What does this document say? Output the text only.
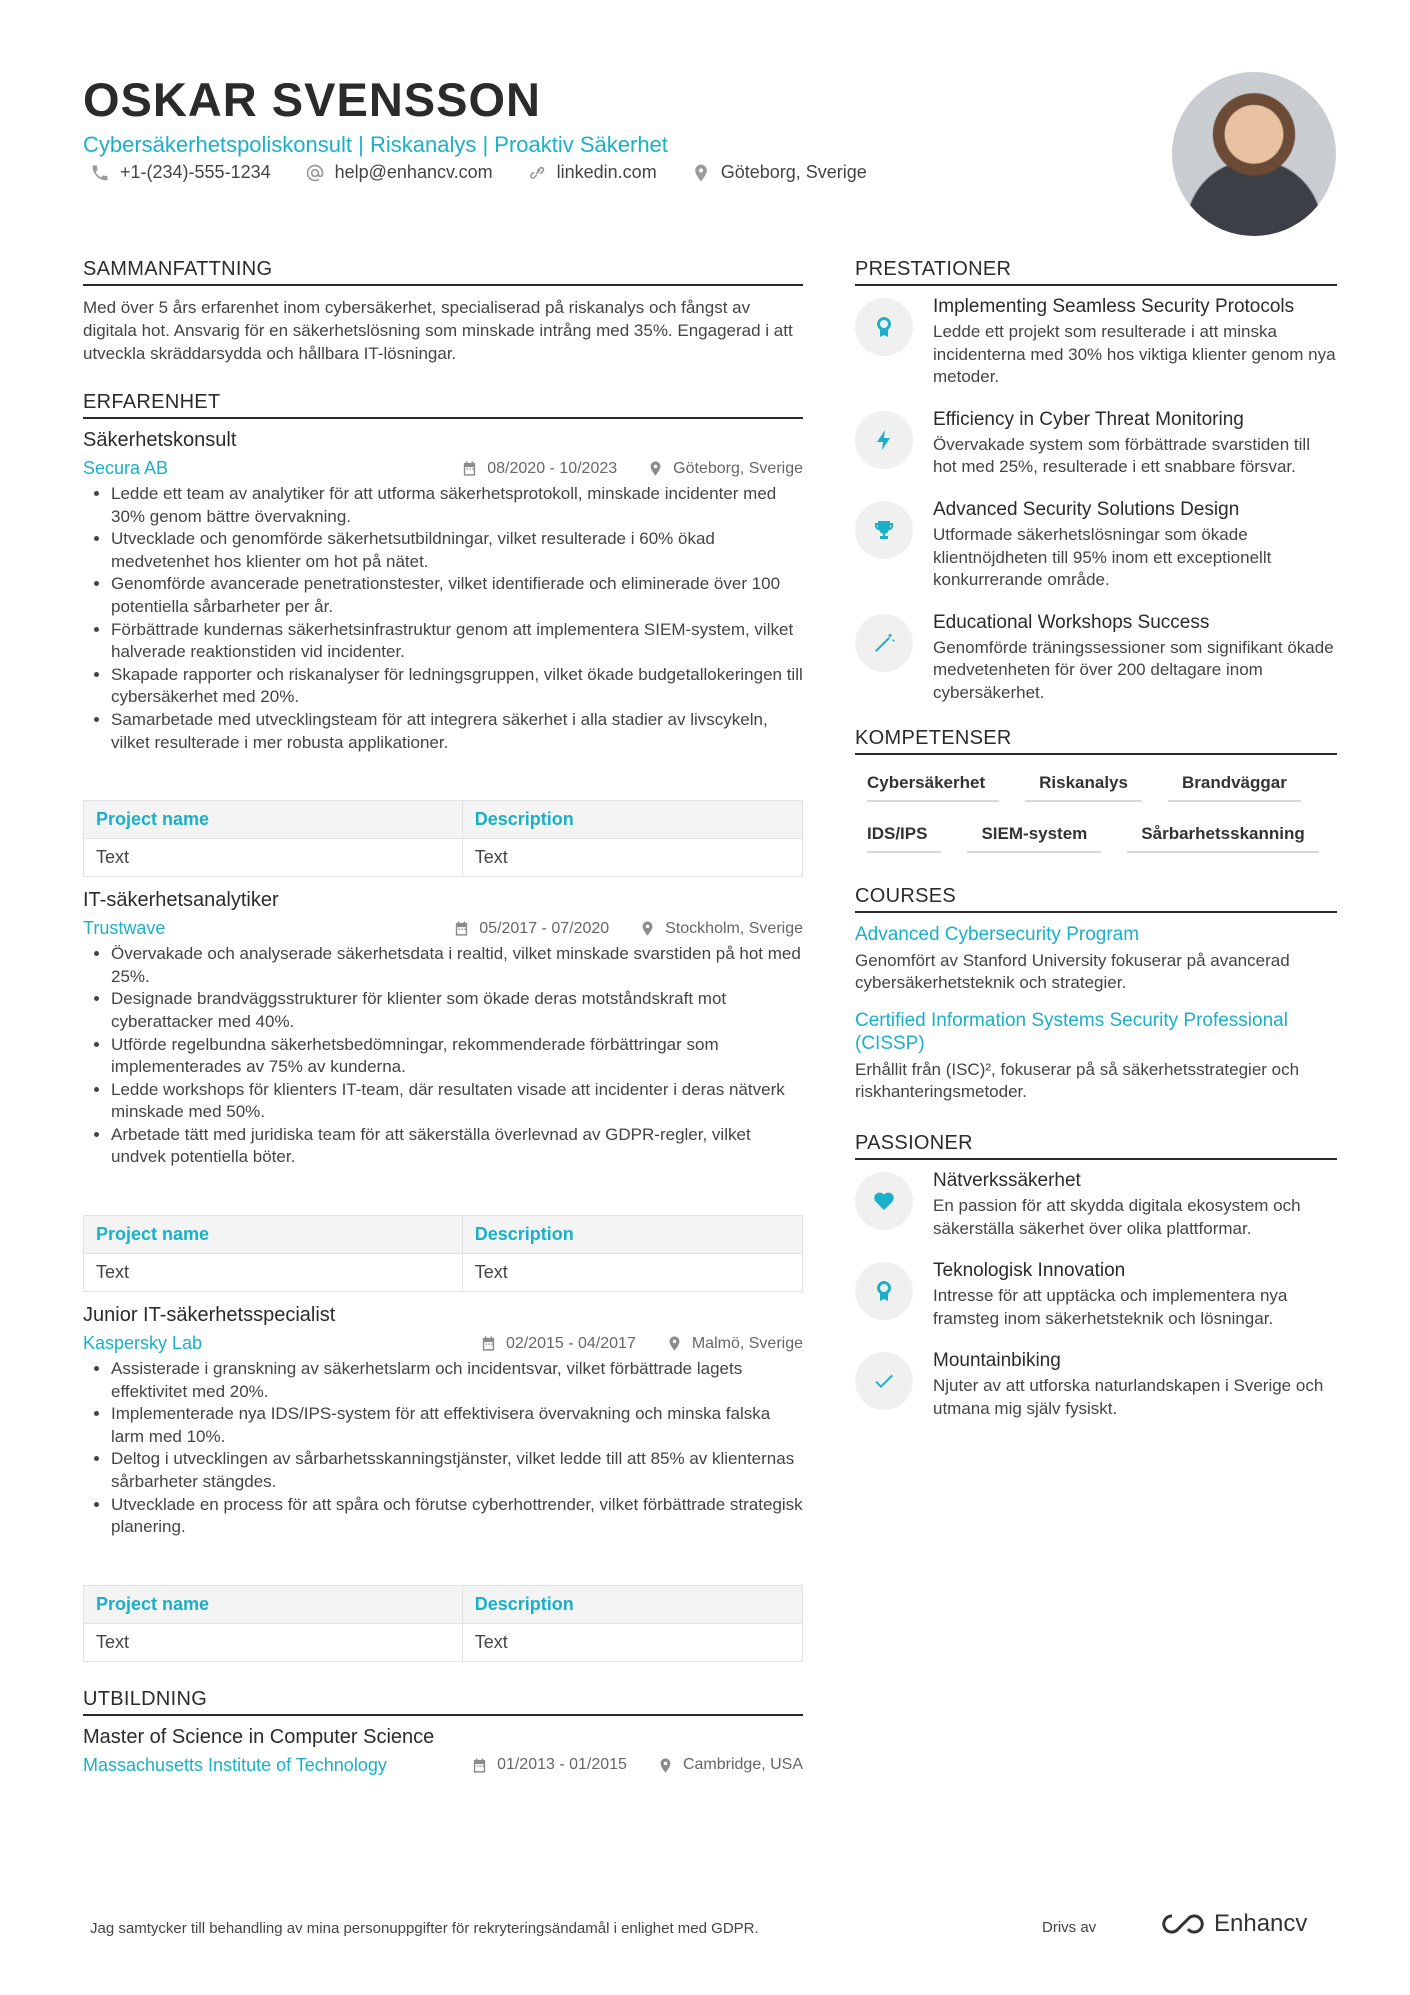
OSKAR SVENSSON
Cybersäkerhetspoliskonsult | Riskanalys | Proaktiv Säkerhet
+1-(234)-555-1234	help@enhancv.com	linkedin.com	Göteborg, Sverige
SAMMANFATTNING

Med över 5 års erfarenhet inom cybersäkerhet, specialiserad på riskanalys och fångst av digitala hot. Ansvarig för en säkerhetslösning som minskade intrång med 35%. Engagerad i att utveckla skräddarsydda och hållbara IT-lösningar.

ERFARENHET
Säkerhetskonsult
Secura AB	08/2020 - 10/2023	Göteborg, Sverige
• Ledde ett team av analytiker för att utforma säkerhetsprotokoll, minskade incidenter med 30% genom bättre övervakning.
• Utvecklade och genomförde säkerhetsutbildningar, vilket resulterade i 60% ökad medvetenhet hos klienter om hot på nätet.
• Genomförde avancerade penetrationstester, vilket identifierade och eliminerade över 100 potentiella sårbarheter per år.
• Förbättrade kundernas säkerhetsinfrastruktur genom att implementera SIEM-system, vilket halverade reaktionstiden vid incidenter.
• Skapade rapporter och riskanalyser för ledningsgruppen, vilket ökade budgetallokeringen till cybersäkerhet med 20%.
• Samarbetade med utvecklingsteam för att integrera säkerhet i alla stadier av livscykeln, vilket resulterade i mer robusta applikationer.
Project name	Description
Text	Text
IT-säkerhetsanalytiker
Trustwave	05/2017 - 07/2020	Stockholm, Sverige
• Övervakade och analyserade säkerhetsdata i realtid, vilket minskade svarstiden på hot med 25%.
• Designade brandväggsstrukturer för klienter som ökade deras motståndskraft mot cyberattacker med 40%.
• Utförde regelbundna säkerhetsbedömningar, rekommenderade förbättringar som implementerades av 75% av kunderna.
• Ledde workshops för klienters IT-team, där resultaten visade att incidenter i deras nätverk minskade med 50%.
• Arbetade tätt med juridiska team för att säkerställa överlevnad av GDPR-regler, vilket undvek potentiella böter.
Project name	Description
Text	Text
Junior IT-säkerhetsspecialist
Kaspersky Lab	02/2015 - 04/2017	Malmö, Sverige
• Assisterade i granskning av säkerhetslarm och incidentsvar, vilket förbättrade lagets effektivitet med 20%.
• Implementerade nya IDS/IPS-system för att effektivisera övervakning och minska falska larm med 10%.
• Deltog i utvecklingen av sårbarhetsskanningstjänster, vilket ledde till att 85% av klienternas sårbarheter stängdes.
• Utvecklade en process för att spåra och förutse cyberhottrender, vilket förbättrade strategisk planering.
Project name	Description
Text	Text
UTBILDNING
Master of Science in Computer Science
Massachusetts Institute of Technology	01/2013 - 01/2015	Cambridge, USA
PRESTATIONER
Implementing Seamless Security Protocols

Ledde ett projekt som resulterade i att minska incidenterna med 30% hos viktiga klienter genom nya metoder.

Efficiency in Cyber Threat Monitoring

Övervakade system som förbättrade svarstiden till hot med 25%, resulterade i ett snabbare försvar.

Advanced Security Solutions Design

Utformade säkerhetslösningar som ökade klientnöjdheten till 95% inom ett exceptionellt konkurrerande område.

Educational Workshops Success

Genomförde träningssessioner som signifikant ökade medvetenheten för över 200 deltagare inom cybersäkerhet.

KOMPETENSER
Cybersäkerhet	Riskanalys	Brandväggar
IDS/IPS	SIEM-system	Sårbarhetsskanning
COURSES
Advanced Cybersecurity Program

Genomfört av Stanford University fokuserar på avancerad cybersäkerhetsteknik och strategier.

Certified Information Systems Security Professional (CISSP)

Erhållit från (ISC)², fokuserar på så säkerhetsstrategier och riskhanteringsmetoder.

PASSIONER
Nätverkssäkerhet

En passion för att skydda digitala ekosystem och säkerställa säkerhet över olika plattformar.

Teknologisk Innovation

Intresse för att upptäcka och implementera nya framsteg inom säkerhetsteknik och lösningar.

Mountainbiking

Njuter av att utforska naturlandskapen i Sverige och utmana mig själv fysiskt.

Jag samtycker till behandling av mina personuppgifter för rekryteringsändamål i enlighet med GDPR.	Drivs av	Enhancv
